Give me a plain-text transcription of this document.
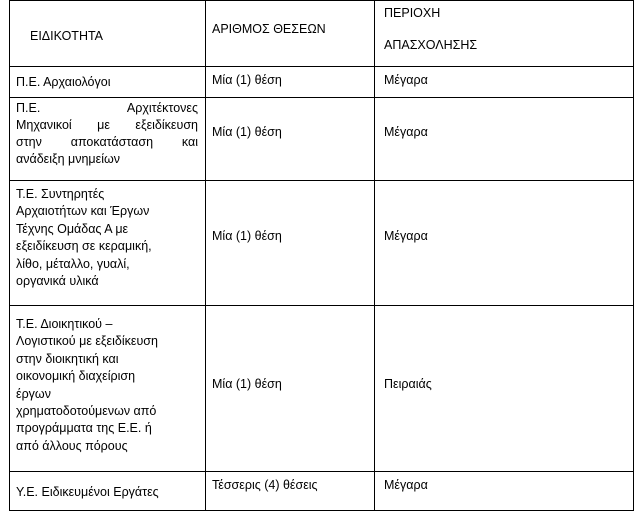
ΕΙΔΙΚΟΤΗΤΑ	ΑΡΙΘΜΟΣ ΘΕΣΕΩΝ
ΠΕΡΙΟΧΗ
ΑΠΑΣΧΟΛΗΣΗΣ
Π.Ε. Αρχαιολόγοι	Μία (1) θέση	Μέγαρα
Π.Ε. Αρχιτέκτονες
Μηχανικοί με εξειδίκευση
στην αποκατάσταση και
ανάδειξη μνημείων
Μία (1) θέση	Μέγαρα
Τ.Ε. Συντηρητές
Αρχαιοτήτων και Έργων
Τέχνης Ομάδας Α με
εξειδίκευση σε κεραμική,
λίθο, μέταλλο, γυαλί,
οργανικά υλικά
Μία (1) θέση	Μέγαρα
Τ.Ε. Διοικητικού –
Λογιστικού με εξειδίκευση
στην διοικητική και
οικονομική διαχείριση
έργων
χρηματοδοτούμενων από
προγράμματα της Ε.Ε. ή
από άλλους πόρους
Μία (1) θέση	Πειραιάς
Υ.Ε. Ειδικευμένοι Εργάτες	Τέσσερις (4) θέσεις	Μέγαρα
